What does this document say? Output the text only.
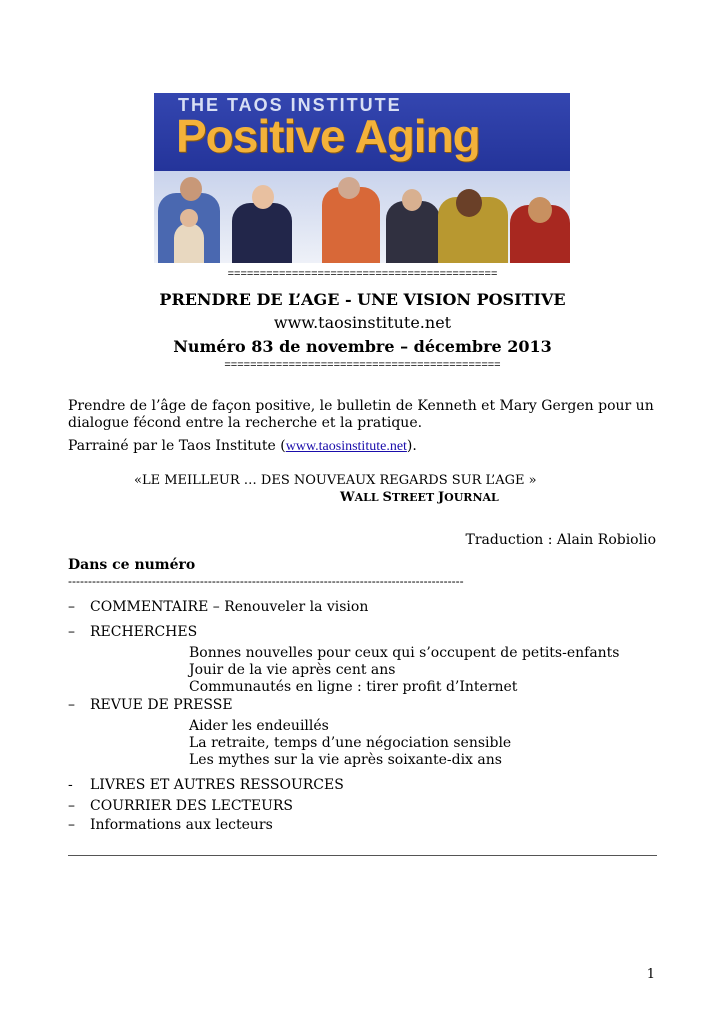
THE TAOS INSTITUTE
Positive Aging
==========================================
PRENDRE DE L’AGE - UNE VISION POSITIVE
www.taosinstitute.net
Numéro 83 de novembre – décembre 2013
===========================================
Prendre de l’âge de façon positive, le bulletin de Kenneth et Mary Gergen pour un dialogue fécond entre la recherche et la pratique.
Parrainé par le Taos Institute (www.taosinstitute.net).
«LE MEILLEUR … DES NOUVEAUX REGARDS SUR L’AGE »
WALL STREET JOURNAL
Traduction : Alain Robiolio
Dans ce numéro
---------------------------------------------------------------------------------------------------
– COMMENTAIRE – Renouveler la vision
– RECHERCHES
Bonnes nouvelles pour ceux qui s’occupent de petits-enfants
Jouir de la vie après cent ans
Communautés en ligne : tirer profit d’Internet
– REVUE DE PRESSE
Aider les endeuillés
La retraite, temps d’une négociation sensible
Les mythes sur la vie après soixante-dix ans
- LIVRES ET AUTRES RESSOURCES
– COURRIER DES LECTEURS
– Informations aux lecteurs
1
